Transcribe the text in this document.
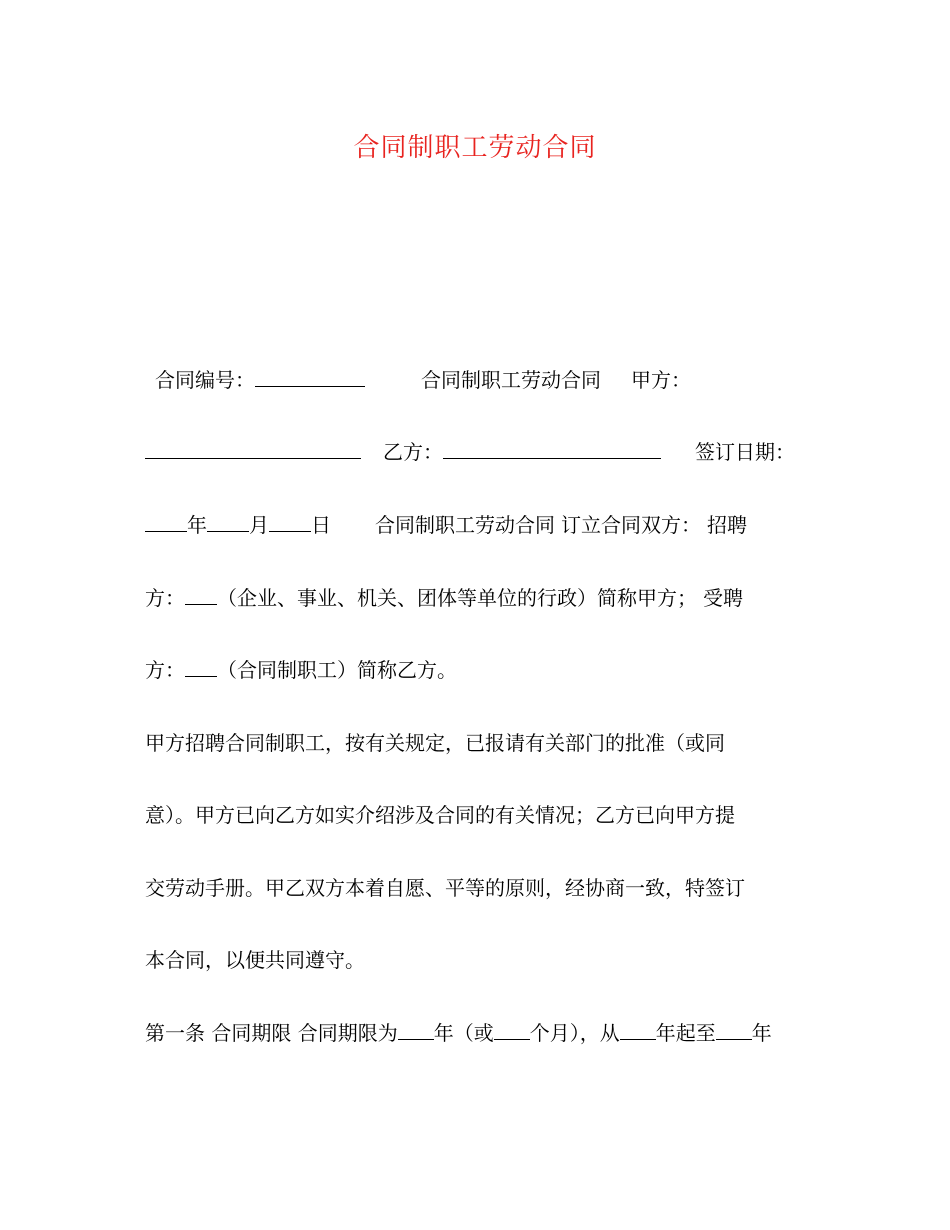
合同制职工劳动合同
合同编号：	合同制职工劳动合同 甲方：
乙方：	签订日期：
年 月 日 合同制职工劳动合同 订立合同双方： 招聘
方： （企业、事业、机关、团体等单位的行政）简称甲方； 受聘
方： （合同制职工）简称乙方。
甲方招聘合同制职工，按有关规定，已报请有关部门的批准（或同
意）。甲方已向乙方如实介绍涉及合同的有关情况；乙方已向甲方提
交劳动手册。甲乙双方本着自愿、平等的原则，经协商一致，特签订
本合同，以便共同遵守。
第一条 合同期限 合同期限为 年（或 个月），从 年起至 年
